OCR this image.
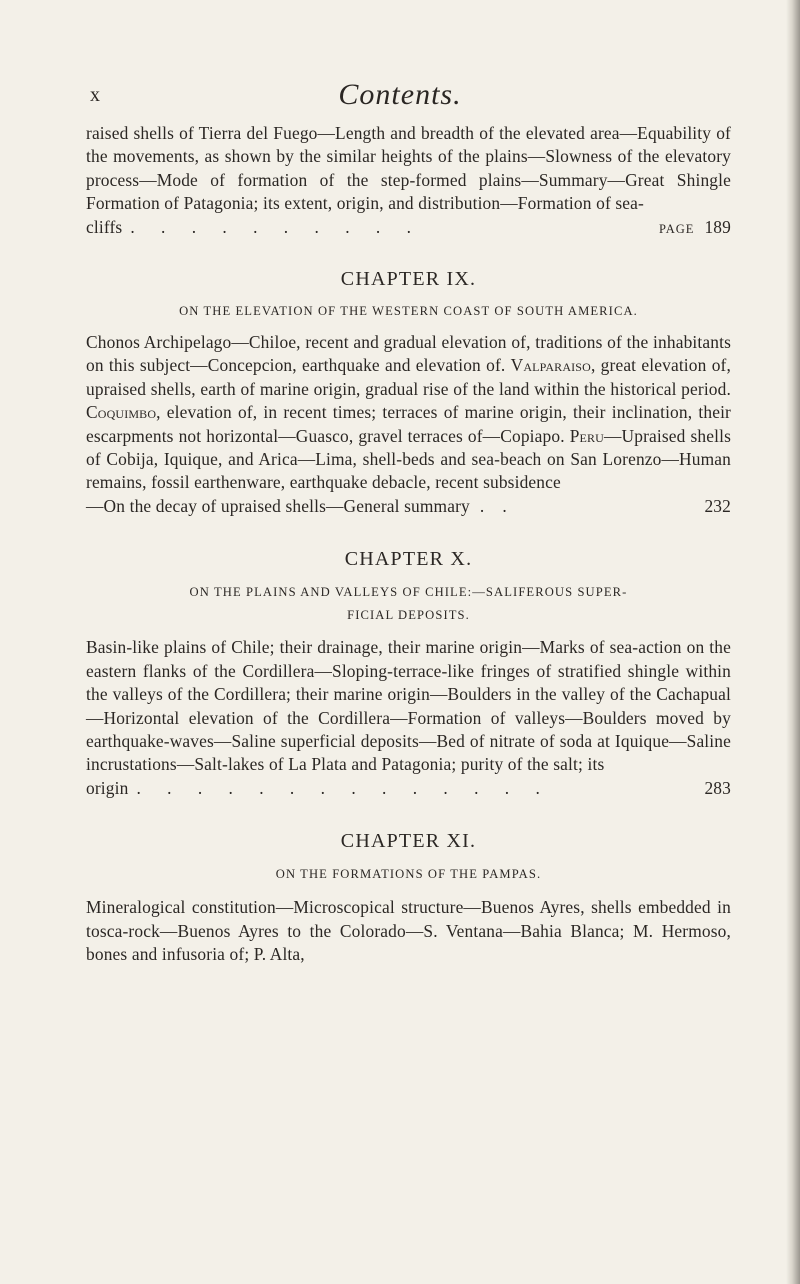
x	Contents.

raised shells of Tierra del Fuego—Length and breadth of the elevated area—Equability of the movements, as shown by the similar heights of the plains—Slowness of the elevatory process—Mode of formation of the step-formed plains—Summary—Great Shingle Formation of Patagonia; its extent, origin, and distribution—Formation of sea-

cliffs . . . . . . . . . .	PAGE 189

CHAPTER IX.

ON THE ELEVATION OF THE WESTERN COAST OF SOUTH AMERICA.

Chonos Archipelago—Chiloe, recent and gradual elevation of, traditions of the inhabitants on this subject—Concepcion, earthquake and elevation of. Valparaiso, great elevation of, upraised shells, earth of marine origin, gradual rise of the land within the historical period. Coquimbo, elevation of, in recent times; terraces of marine origin, their inclination, their escarpments not horizontal—Guasco, gravel terraces of—Copiapo. Peru—Upraised shells of Cobija, Iquique, and Arica—Lima, shell-beds and sea-beach on San Lorenzo—Human remains, fossil earthenware, earthquake debacle, recent subsidence

—On the decay of upraised shells—General summary .    .	232

CHAPTER X.

ON THE PLAINS AND VALLEYS OF CHILE:—SALIFEROUS SUPER-

FICIAL DEPOSITS.

Basin-like plains of Chile; their drainage, their marine origin—Marks of sea-action on the eastern flanks of the Cordillera—Sloping-terrace-like fringes of stratified shingle within the valleys of the Cordillera; their marine origin—Boulders in the valley of the Cachapual—Horizontal elevation of the Cordillera—Formation of valleys—Boulders moved by earthquake-waves—Saline superficial deposits—Bed of nitrate of soda at Iquique—Saline incrustations—Salt-lakes of La Plata and Patagonia; purity of the salt; its

origin . . . . . . . . . . . . . .	283

CHAPTER XI.

ON THE FORMATIONS OF THE PAMPAS.

Mineralogical constitution—Microscopical structure—Buenos Ayres, shells embedded in tosca-rock—Buenos Ayres to the Colorado—S. Ventana—Bahia Blanca; M. Hermoso, bones and infusoria of; P. Alta,
